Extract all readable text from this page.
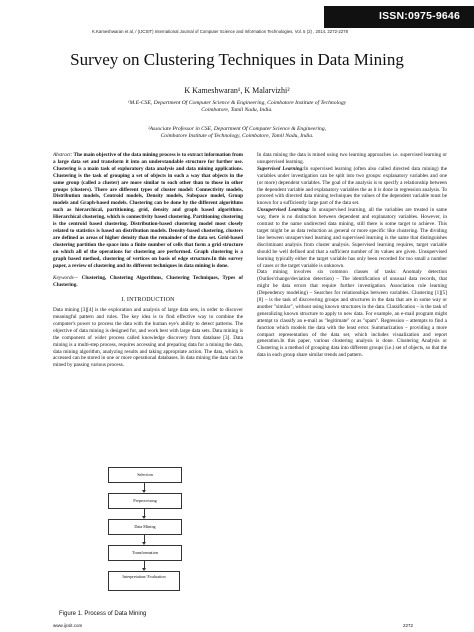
ISSN:0975-9646
K.Kameshwaran et al, / (IJCSIT) International Journal of Computer Science and Information Technologies, Vol. 5 (2) , 2014, 2272-2278
Survey on Clustering Techniques in Data Mining
K Kameshwaran¹, K Malarvizhi²
¹M.E-CSE, Department Of Computer Science & Engineering, Coimbatore Institute of Technology
Coimbatore, Tamil Nadu, India.
²Associate Professor in CSE, Department Of Computer Science & Engineering,
Coimbatore Institute of Technology, Coimbatore, Tamil Nadu, India.

Abstract: The main objective of the data mining process is to extract information from a large data set and transform it into an understandable structure for further use. Clustering is a main task of exploratory data analysis and data mining applications. Clustering is the task of grouping a set of objects in such a way that objects in the same group (called a cluster) are more similar to each other than to those in other groups (clusters). There are different types of cluster model: Connectivity models, Distribution models, Centroid models, Density models, Subspace model, Group models and Graph-based models. Clustering can be done by the different algorithms such as hierarchical, partitioning, grid, density and graph based algorithms. Hierarchical clustering, which is connectivity based clustering. Partitioning clustering is the centroid based clustering. Distribution-based clustering model most closely related to statistics is based on distribution models. Density-based clustering, clusters are defined as areas of higher density than the remainder of the data set. Grid-based clustering partition the space into a finite number of cells that form a grid structure on which all of the operations for clustering are performed. Graph clustering is a graph based method, clustering of vertices on basis of edge structure.In this survey paper, a review of clustering and its different techniques in data mining is done.

Keywords— Clustering, Clustering Algorithms, Clustering Techniques, Types of Clustering.

I. INTRODUCTION

Data mining [3][4] is the exploration and analysis of large data sets, in order to discover meaningful pattern and rules. The key idea is to find effective way to combine the computer's power to process the data with the human eye's ability to detect patterns. The objective of data mining is designed for, and work best with large data sets. Data mining is the component of wider process called knowledge discovery from database [3]. Data mining is a multi-step process, requires accessing and preparing data for a mining the data, data mining algorithm, analyzing results and taking appropriate action. The data, which is accessed can be stored in one or more operational databases. In data mining the data can be mined by passing various process.

Selection
Preprocessing
Data Mining
Transformation
Interpretation/ Evaluation
Figure 1. Process of Data Mining

In data mining the data is mined using two learning approaches i.e. supervised learning or unsupervised learning.

Supervised Learning:In supervised learning (often also called directed data mining) the variables under investigation can be split into two groups: explanatory variables and one (or more) dependent variables. The goal of the analysis is to specify a relationship between the dependent variable and explanatory variables the as it is done in regression analysis. To proceed with directed data mining techniques the values of the dependent variable must be known for a sufficiently large part of the data set.

Unsupervised Learning: In unsupervised learning, all the variables are treated in same way, there is no distinction between dependent and explanatory variables. However, in contrast to the name undirected data mining, still there is some target to achieve. This target might be as data reduction as general or more specific like clustering. The dividing line between unsupervised learning and supervised learning is the same that distinguishes discriminant analysis from cluster analysis. Supervised learning requires, target variable should be well defined and that a sufficient number of its values are given. Unsupervised learning typically either the target variable has only been recorded for too small a number of cases or the target variable is unknown.

Data mining involves six common classes of tasks: Anomaly detection (Outlier/change/deviation detection) – The identification of unusual data records, that might be data errors that require further investigation. Association rule learning (Dependency modeling) – Searches for relationships between variables. Clustering [1][5][8] – is the task of discovering groups and structures in the data that are in some way or another "similar", without using known structures in the data. Classification – is the task of generalizing known structure to apply to new data. For example, an e-mail program might attempt to classify an e-mail as "legitimate" or as "spam". Regression – attempts to find a function which models the data with the least error. Summarization – providing a more compact representation of the data set, which includes visualization and report generation.In this paper, various clustering analysis is done. Clustering Analysis or Clustering is a method of grouping data into different groups (i.e.) set of objects, so that the data in each group share similar trends and pattern.

www.ijcsit.com	2272
